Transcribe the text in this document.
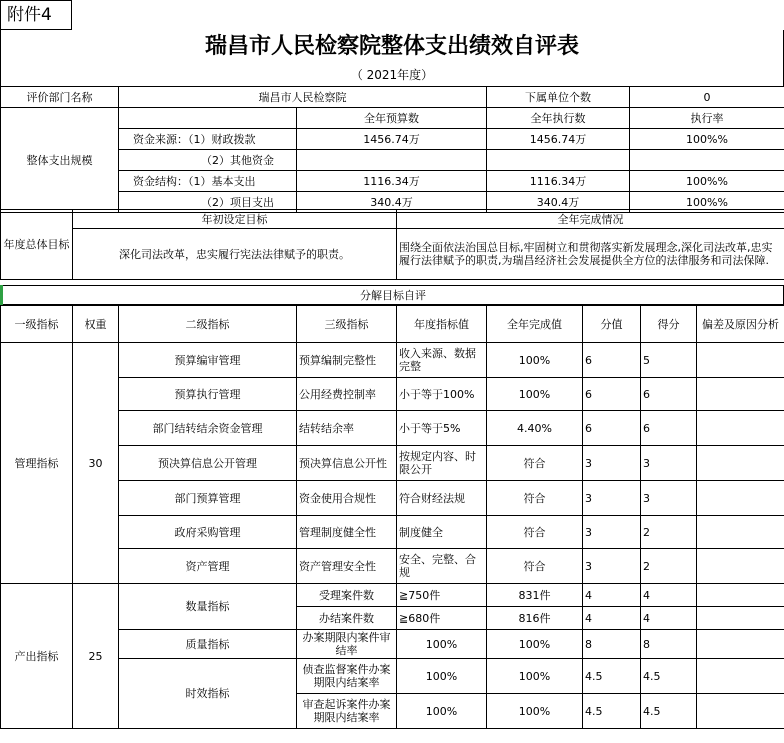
附件4
瑞昌市人民检察院整体支出绩效自评表
（ 2021年度）
评价部门名称	瑞昌市人民检察院		下属单位个数	0
整体支出规模		全年预算数	全年执行数	执行率
	资金来源：（1）财政拨款	1456.74万	1456.74万	100%%
	（2）其他资金			
	资金结构：（1）基本支出	1116.34万	1116.34万	100%%
	（2）项目支出	340.4万	340.4万	100%%
年度总体目标	年初设定目标	全年完成情况
	深化司法改革，忠实履行宪法法律赋予的职责。	围绕全面依法治国总目标,牢固树立和贯彻落实新发展理念,深化司法改革,忠实履行法律赋予的职责,为瑞昌经济社会发展提供全方位的法律服务和司法保障.
分解目标自评
一级指标	权重	二级指标	三级指标	年度指标值	全年完成值	分值	得分	偏差及原因分析
管理指标	30	预算编审管理	预算编制完整性	收入来源、数据完整	100%	6	5	
		预算执行管理	公用经费控制率	小于等于100%	100%	6	6	
		部门结转结余资金管理	结转结余率	小于等于5%	4.40%	6	6	
		预决算信息公开管理	预决算信息公开性	按规定内容、时限公开	符合	3	3	
		部门预算管理	资金使用合规性	符合财经法规	符合	3	3	
		政府采购管理	管理制度健全性	制度健全	符合	3	2	
		资产管理	资产管理安全性	安全、完整、合规	符合	3	2	
产出指标	25	数量指标	受理案件数	≧750件	831件	4	4	
			办结案件数	≧680件	816件	4	4	
		质量指标	办案期限内案件审结率	100%	100%	8	8	
		时效指标	侦查监督案件办案期限内结案率	100%	100%	4.5	4.5	
			审查起诉案件办案期限内结案率	100%	100%	4.5	4.5	
